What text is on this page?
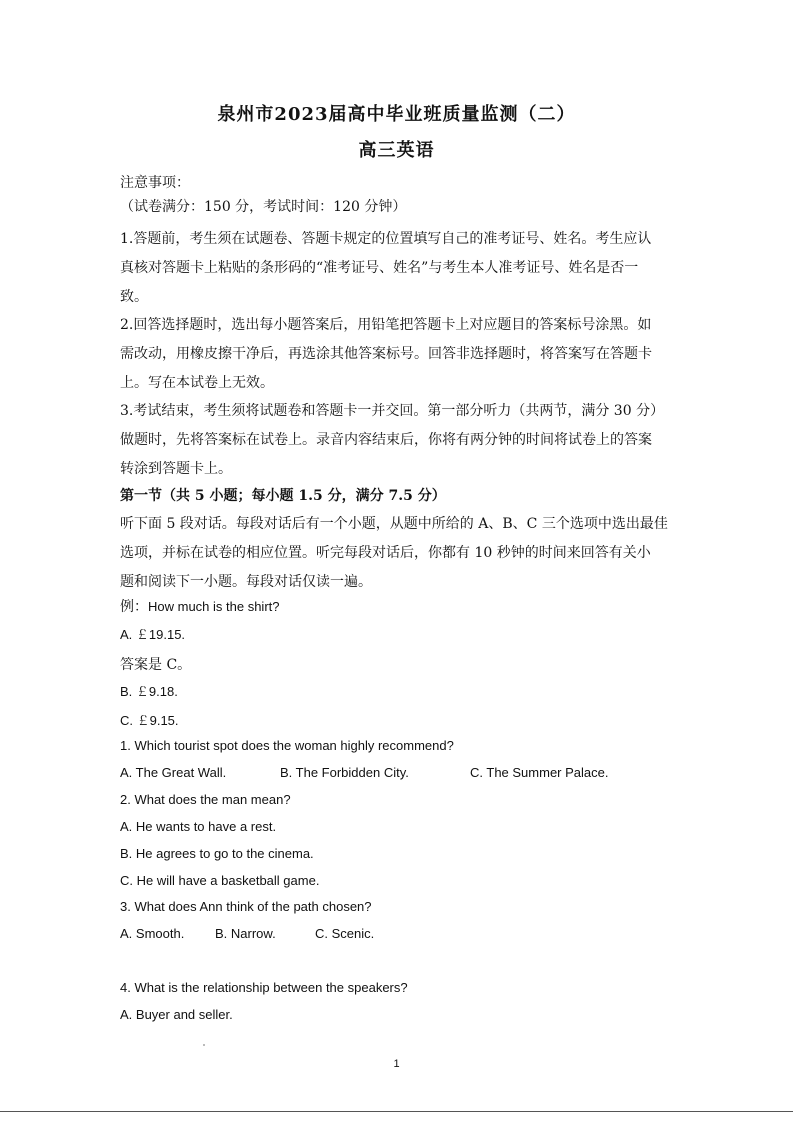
泉州市2023届高中毕业班质量监测（二）
高三英语
注意事项：
（试卷满分：150 分，考试时间：120 分钟）
1.答题前，考生须在试题卷、答题卡规定的位置填写自己的准考证号、姓名。考生应认
真核对答题卡上粘贴的条形码的“准考证号、姓名”与考生本人准考证号、姓名是否一
致。
2.回答选择题时，选出每小题答案后，用铅笔把答题卡上对应题目的答案标号涂黑。如
需改动，用橡皮擦干净后，再选涂其他答案标号。回答非选择题时，将答案写在答题卡
上。写在本试卷上无效。
3.考试结束，考生须将试题卷和答题卡一并交回。第一部分听力（共两节，满分 30 分）
做题时，先将答案标在试卷上。录音内容结束后，你将有两分钟的时间将试卷上的答案
转涂到答题卡上。
第一节（共 5 小题；每小题 1.5 分，满分 7.5 分）
听下面 5 段对话。每段对话后有一个小题，从题中所给的 A、B、C 三个选项中选出最佳
选项，并标在试卷的相应位置。听完每段对话后，你都有 10 秒钟的时间来回答有关小
题和阅读下一小题。每段对话仅读一遍。
例：How much is the shirt?
A. ￡19.15.
答案是 C。
B. ￡9.18.
C. ￡9.15.
1. Which tourist spot does the woman highly recommend?
A. The Great Wall.	B. The Forbidden City.	C. The Summer Palace.
2. What does the man mean?
A. He wants to have a rest.
B. He agrees to go to the cinema.
C. He will have a basketball game.
3. What does Ann think of the path chosen?
A. Smooth. B. Narrow.	C. Scenic.
4. What is the relationship between the speakers?
A. Buyer and seller.
1
